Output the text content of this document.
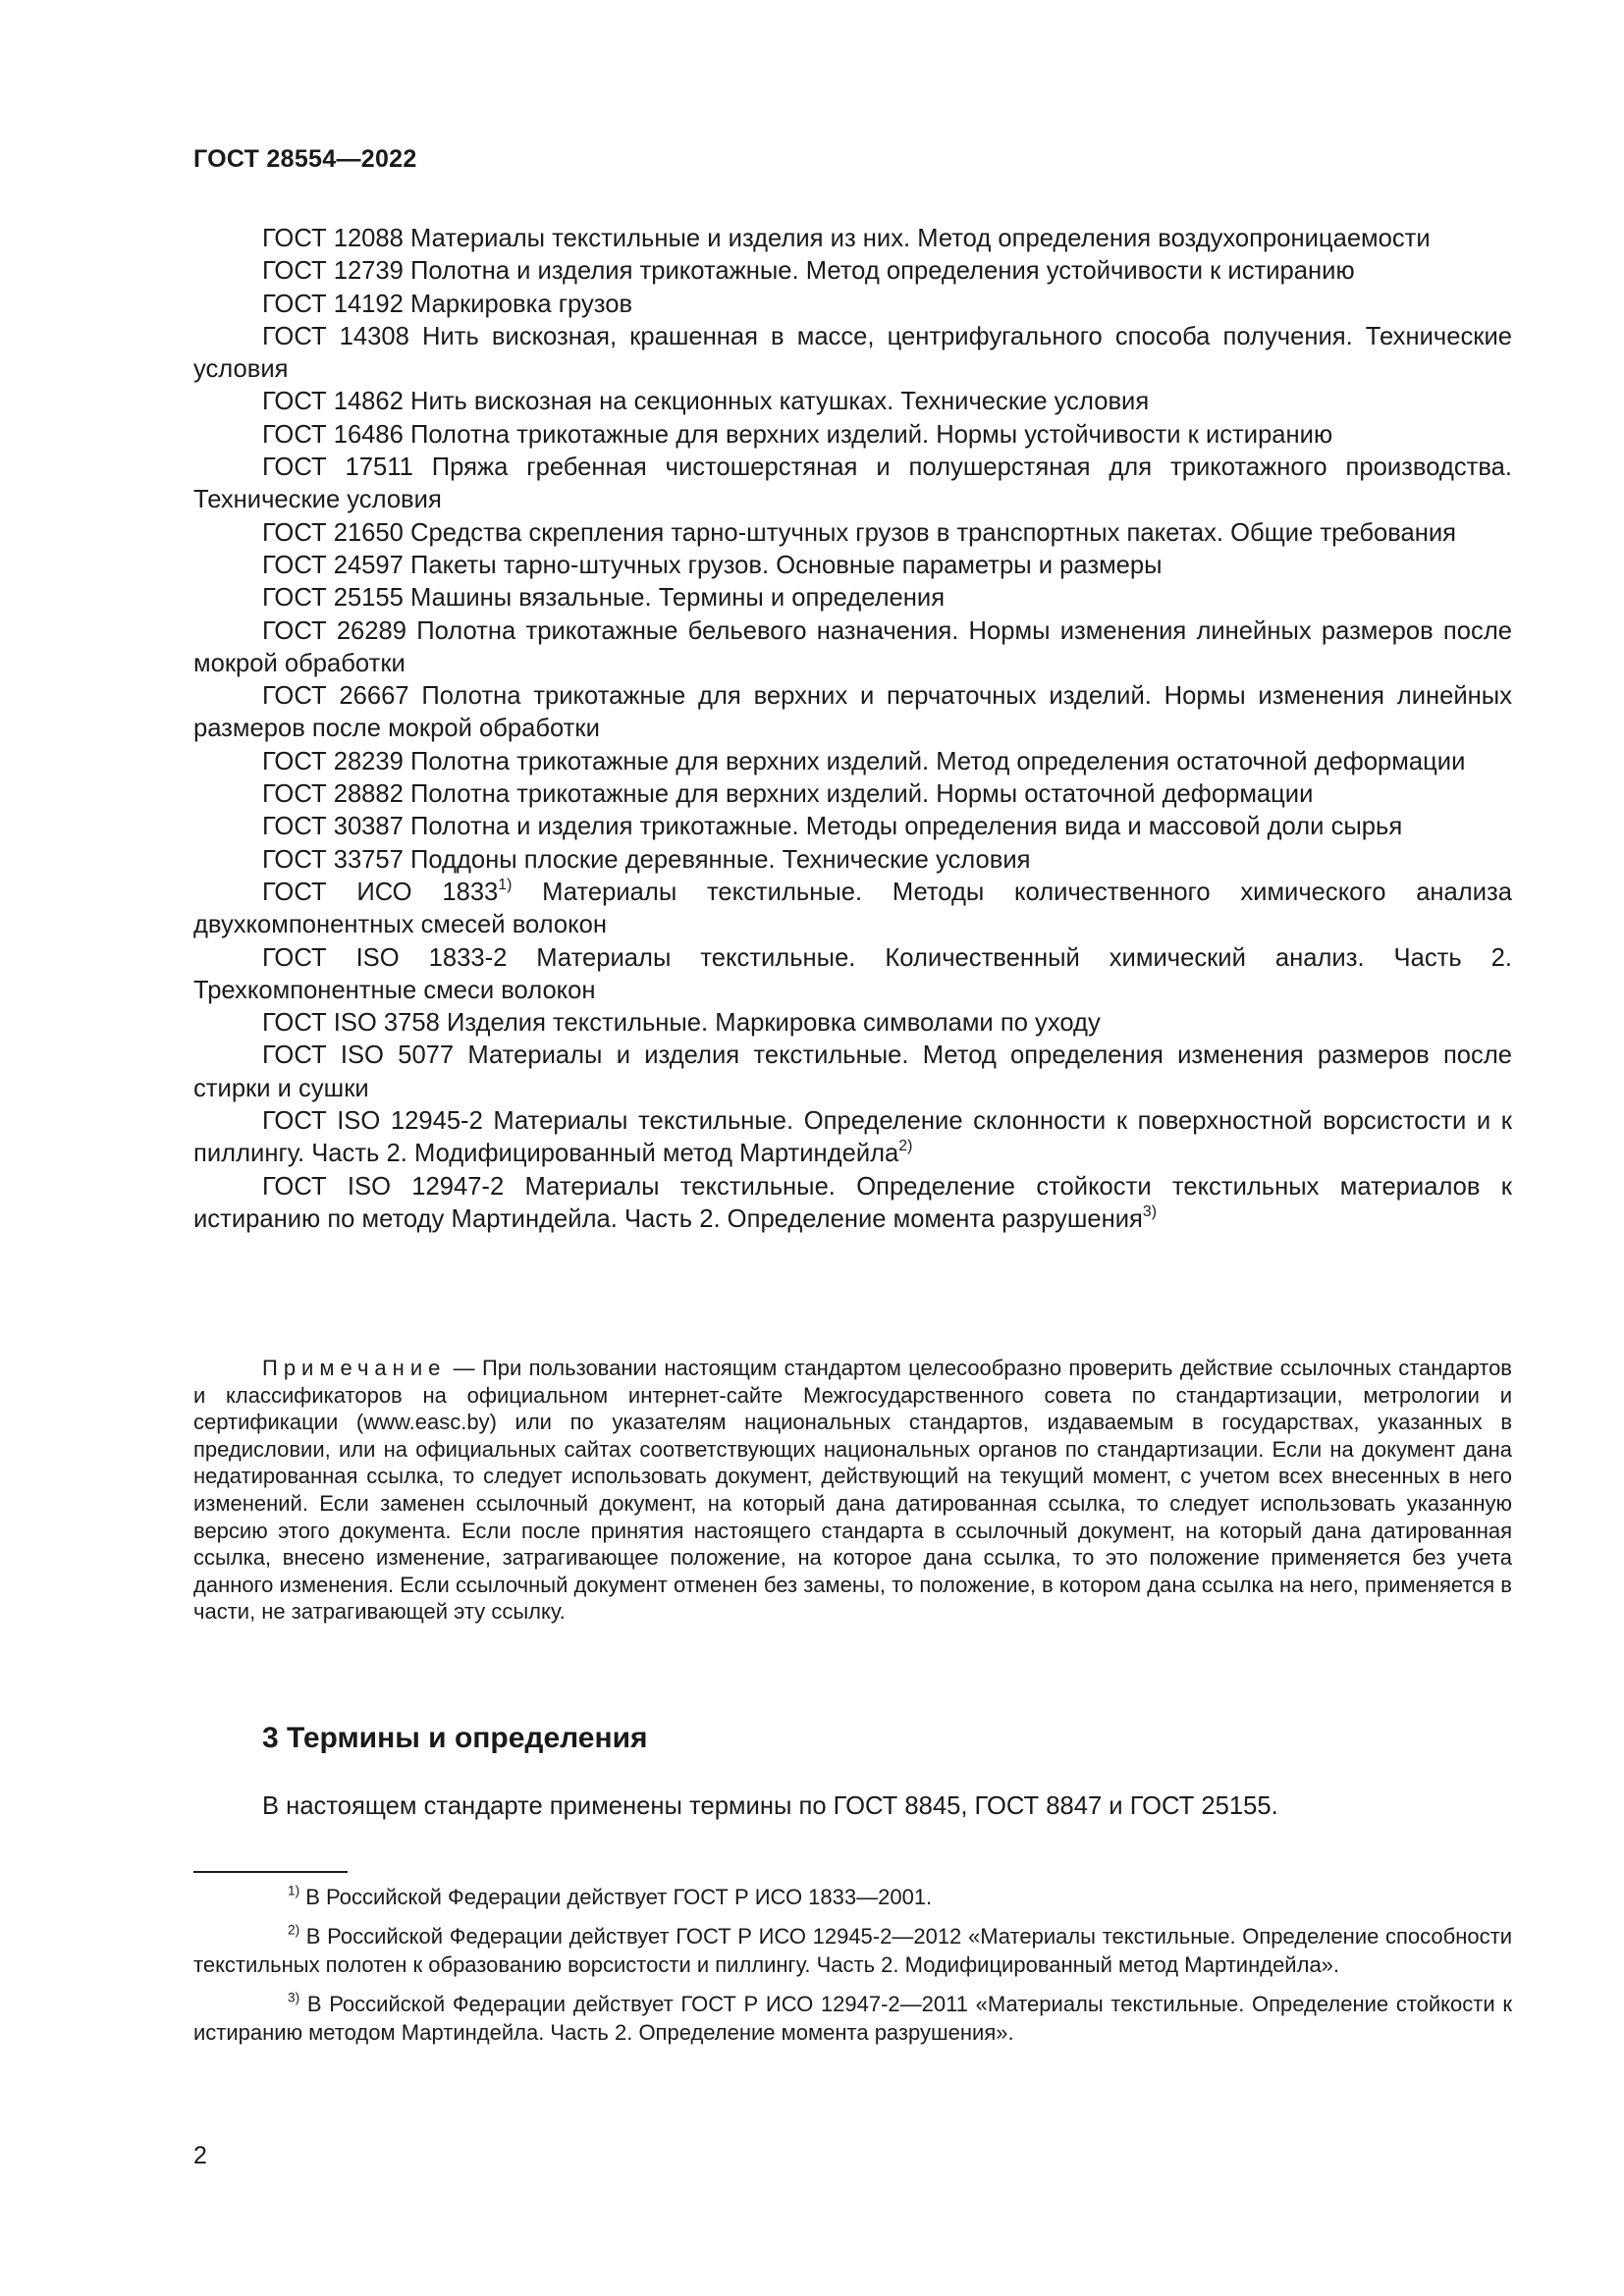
ГОСТ 28554—2022
ГОСТ 12088 Материалы текстильные и изделия из них. Метод определения воздухопроницаемости
ГОСТ 12739 Полотна и изделия трикотажные. Метод определения устойчивости к истиранию
ГОСТ 14192 Маркировка грузов
ГОСТ 14308 Нить вискозная, крашенная в массе, центрифугального способа получения. Технические условия
ГОСТ 14862 Нить вискозная на секционных катушках. Технические условия
ГОСТ 16486 Полотна трикотажные для верхних изделий. Нормы устойчивости к истиранию
ГОСТ 17511 Пряжа гребенная чистошерстяная и полушерстяная для трикотажного производства. Технические условия
ГОСТ 21650 Средства скрепления тарно-штучных грузов в транспортных пакетах. Общие требования
ГОСТ 24597 Пакеты тарно-штучных грузов. Основные параметры и размеры
ГОСТ 25155 Машины вязальные. Термины и определения
ГОСТ 26289 Полотна трикотажные бельевого назначения. Нормы изменения линейных размеров после мокрой обработки
ГОСТ 26667 Полотна трикотажные для верхних и перчаточных изделий. Нормы изменения линейных размеров после мокрой обработки
ГОСТ 28239 Полотна трикотажные для верхних изделий. Метод определения остаточной деформации
ГОСТ 28882 Полотна трикотажные для верхних изделий. Нормы остаточной деформации
ГОСТ 30387 Полотна и изделия трикотажные. Методы определения вида и массовой доли сырья
ГОСТ 33757 Поддоны плоские деревянные. Технические условия
ГОСТ ИСО 1833$^{1)}$ Материалы текстильные. Методы количественного химического анализа двухкомпонентных смесей волокон
ГОСТ ISO 1833-2 Материалы текстильные. Количественный химический анализ. Часть 2. Трехкомпонентные смеси волокон
ГОСТ ISO 3758 Изделия текстильные. Маркировка символами по уходу
ГОСТ ISO 5077 Материалы и изделия текстильные. Метод определения изменения размеров после стирки и сушки
ГОСТ ISO 12945-2 Материалы текстильные. Определение склонности к поверхностной ворсистости и к пиллингу. Часть 2. Модифицированный метод Мартиндейла$^{2)}$
ГОСТ ISO 12947-2 Материалы текстильные. Определение стойкости текстильных материалов к истиранию по методу Мартиндейла. Часть 2. Определение момента разрушения$^{3)}$
Примечание — При пользовании настоящим стандартом целесообразно проверить действие ссылочных стандартов и классификаторов на официальном интернет-сайте Межгосударственного совета по стандартизации, метрологии и сертификации (www.easc.by) или по указателям национальных стандартов, издаваемым в государствах, указанных в предисловии, или на официальных сайтах соответствующих национальных органов по стандартизации. Если на документ дана недатированная ссылка, то следует использовать документ, действующий на текущий момент, с учетом всех внесенных в него изменений. Если заменен ссылочный документ, на который дана датированная ссылка, то следует использовать указанную версию этого документа. Если после принятия настоящего стандарта в ссылочный документ, на который дана датированная ссылка, внесено изменение, затрагивающее положение, на которое дана ссылка, то это положение применяется без учета данного изменения. Если ссылочный документ отменен без замены, то положение, в котором дана ссылка на него, применяется в части, не затрагивающей эту ссылку.
3 Термины и определения
В настоящем стандарте применены термины по ГОСТ 8845, ГОСТ 8847 и ГОСТ 25155.
$^{1)}$ В Российской Федерации действует ГОСТ Р ИСО 1833—2001.
$^{2)}$ В Российской Федерации действует ГОСТ Р ИСО 12945-2—2012 «Материалы текстильные. Определение способности текстильных полотен к образованию ворсистости и пиллингу. Часть 2. Модифицированный метод Мартиндейла».
$^{3)}$ В Российской Федерации действует ГОСТ Р ИСО 12947-2—2011 «Материалы текстильные. Определение стойкости к истиранию методом Мартиндейла. Часть 2. Определение момента разрушения».
2
